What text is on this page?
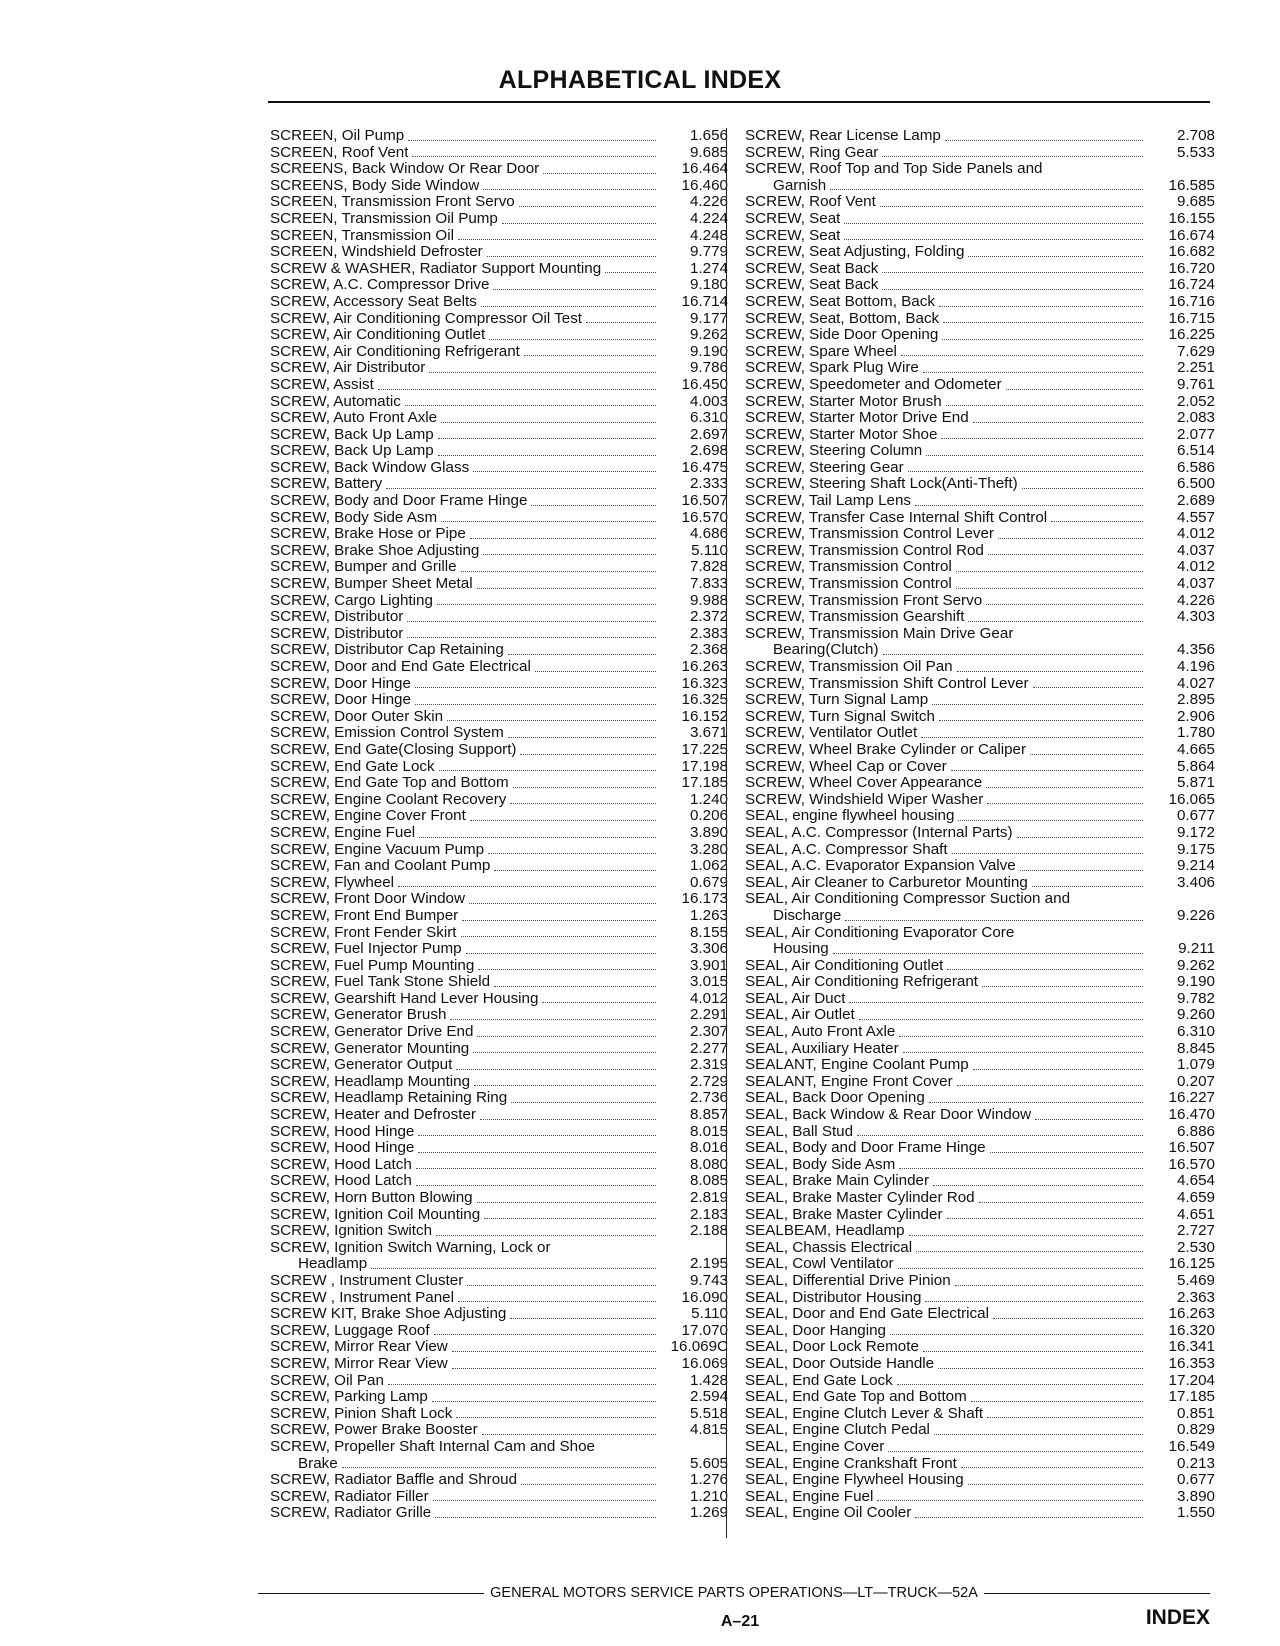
ALPHABETICAL INDEX
SCREEN, Oil Pump	1.656
SCREEN, Roof Vent	9.685
SCREENS, Back Window Or Rear Door	16.464
SCREENS, Body Side Window	16.460
SCREEN, Transmission Front Servo	4.226
SCREEN, Transmission Oil Pump	4.224
SCREEN, Transmission Oil	4.248
SCREEN, Windshield Defroster	9.779
SCREW & WASHER, Radiator Support Mounting	1.274
SCREW, A.C. Compressor Drive	9.180
SCREW, Accessory Seat Belts	16.714
SCREW, Air Conditioning Compressor Oil Test	9.177
SCREW, Air Conditioning Outlet	9.262
SCREW, Air Conditioning Refrigerant	9.190
SCREW, Air Distributor	9.786
SCREW, Assist	16.450
SCREW, Automatic	4.003
SCREW, Auto Front Axle	6.310
SCREW, Back Up Lamp	2.697
SCREW, Back Up Lamp	2.698
SCREW, Back Window Glass	16.475
SCREW, Battery	2.333
SCREW, Body and Door Frame Hinge	16.507
SCREW, Body Side Asm	16.570
SCREW, Brake Hose or Pipe	4.686
SCREW, Brake Shoe Adjusting	5.110
SCREW, Bumper and Grille	7.828
SCREW, Bumper Sheet Metal	7.833
SCREW, Cargo Lighting	9.988
SCREW, Distributor	2.372
SCREW, Distributor	2.383
SCREW, Distributor Cap Retaining	2.368
SCREW, Door and End Gate Electrical	16.263
SCREW, Door Hinge	16.323
SCREW, Door Hinge	16.325
SCREW, Door Outer Skin	16.152
SCREW, Emission Control System	3.671
SCREW, End Gate(Closing Support)	17.225
SCREW, End Gate Lock	17.198
SCREW, End Gate Top and Bottom	17.185
SCREW, Engine Coolant Recovery	1.240
SCREW, Engine Cover Front	0.206
SCREW, Engine Fuel	3.890
SCREW, Engine Vacuum Pump	3.280
SCREW, Fan and Coolant Pump	1.062
SCREW, Flywheel	0.679
SCREW, Front Door Window	16.173
SCREW, Front End Bumper	1.263
SCREW, Front Fender Skirt	8.155
SCREW, Fuel Injector Pump	3.306
SCREW, Fuel Pump Mounting	3.901
SCREW, Fuel Tank Stone Shield	3.015
SCREW, Gearshift Hand Lever Housing	4.012
SCREW, Generator Brush	2.291
SCREW, Generator Drive End	2.307
SCREW, Generator Mounting	2.277
SCREW, Generator Output	2.319
SCREW, Headlamp Mounting	2.729
SCREW, Headlamp Retaining Ring	2.736
SCREW, Heater and Defroster	8.857
SCREW, Hood Hinge	8.015
SCREW, Hood Hinge	8.016
SCREW, Hood Latch	8.080
SCREW, Hood Latch	8.085
SCREW, Horn Button Blowing	2.819
SCREW, Ignition Coil Mounting	2.183
SCREW, Ignition Switch	2.188
SCREW, Ignition Switch Warning, Lock or
Headlamp	2.195
SCREW , Instrument Cluster	9.743
SCREW , Instrument Panel	16.090
SCREW KIT, Brake Shoe Adjusting	5.110
SCREW, Luggage Roof	17.070
SCREW, Mirror Rear View	16.069C
SCREW, Mirror Rear View	16.069
SCREW, Oil Pan	1.428
SCREW, Parking Lamp	2.594
SCREW, Pinion Shaft Lock	5.518
SCREW, Power Brake Booster	4.815
SCREW, Propeller Shaft Internal Cam and Shoe
Brake	5.605
SCREW, Radiator Baffle and Shroud	1.276
SCREW, Radiator Filler	1.210
SCREW, Radiator Grille	1.269
SCREW, Rear License Lamp	2.708
SCREW, Ring Gear	5.533
SCREW, Roof Top and Top Side Panels and
Garnish	16.585
SCREW, Roof Vent	9.685
SCREW, Seat	16.155
SCREW, Seat	16.674
SCREW, Seat Adjusting, Folding	16.682
SCREW, Seat Back	16.720
SCREW, Seat Back	16.724
SCREW, Seat Bottom, Back	16.716
SCREW, Seat, Bottom, Back	16.715
SCREW, Side Door Opening	16.225
SCREW, Spare Wheel	7.629
SCREW, Spark Plug Wire	2.251
SCREW, Speedometer and Odometer	9.761
SCREW, Starter Motor Brush	2.052
SCREW, Starter Motor Drive End	2.083
SCREW, Starter Motor Shoe	2.077
SCREW, Steering Column	6.514
SCREW, Steering Gear	6.586
SCREW, Steering Shaft Lock(Anti-Theft)	6.500
SCREW, Tail Lamp Lens	2.689
SCREW, Transfer Case Internal Shift Control	4.557
SCREW, Transmission Control Lever	4.012
SCREW, Transmission Control Rod	4.037
SCREW, Transmission Control	4.012
SCREW, Transmission Control	4.037
SCREW, Transmission Front Servo	4.226
SCREW, Transmission Gearshift	4.303
SCREW, Transmission Main Drive Gear
Bearing(Clutch)	4.356
SCREW, Transmission Oil Pan	4.196
SCREW, Transmission Shift Control Lever	4.027
SCREW, Turn Signal Lamp	2.895
SCREW, Turn Signal Switch	2.906
SCREW, Ventilator Outlet	1.780
SCREW, Wheel Brake Cylinder or Caliper	4.665
SCREW, Wheel Cap or Cover	5.864
SCREW, Wheel Cover Appearance	5.871
SCREW, Windshield Wiper Washer	16.065
SEAL, engine flywheel housing	0.677
SEAL, A.C. Compressor (Internal Parts)	9.172
SEAL, A.C. Compressor Shaft	9.175
SEAL, A.C. Evaporator Expansion Valve	9.214
SEAL, Air Cleaner to Carburetor Mounting	3.406
SEAL, Air Conditioning Compressor Suction and
Discharge	9.226
SEAL, Air Conditioning Evaporator Core
Housing	9.211
SEAL, Air Conditioning Outlet	9.262
SEAL, Air Conditioning Refrigerant	9.190
SEAL, Air Duct	9.782
SEAL, Air Outlet	9.260
SEAL, Auto Front Axle	6.310
SEAL, Auxiliary Heater	8.845
SEALANT, Engine Coolant Pump	1.079
SEALANT, Engine Front Cover	0.207
SEAL, Back Door Opening	16.227
SEAL, Back Window & Rear Door Window	16.470
SEAL, Ball Stud	6.886
SEAL, Body and Door Frame Hinge	16.507
SEAL, Body Side Asm	16.570
SEAL, Brake Main Cylinder	4.654
SEAL, Brake Master Cylinder Rod	4.659
SEAL, Brake Master Cylinder	4.651
SEALBEAM, Headlamp	2.727
SEAL, Chassis Electrical	2.530
SEAL, Cowl Ventilator	16.125
SEAL, Differential Drive Pinion	5.469
SEAL, Distributor Housing	2.363
SEAL, Door and End Gate Electrical	16.263
SEAL, Door Hanging	16.320
SEAL, Door Lock Remote	16.341
SEAL, Door Outside Handle	16.353
SEAL, End Gate Lock	17.204
SEAL, End Gate Top and Bottom	17.185
SEAL, Engine Clutch Lever & Shaft	0.851
SEAL, Engine Clutch Pedal	0.829
SEAL, Engine Cover	16.549
SEAL, Engine Crankshaft Front	0.213
SEAL, Engine Flywheel Housing	0.677
SEAL, Engine Fuel	3.890
SEAL, Engine Oil Cooler	1.550
GENERAL MOTORS SERVICE PARTS OPERATIONS—LT—TRUCK—52A
A–21	INDEX
